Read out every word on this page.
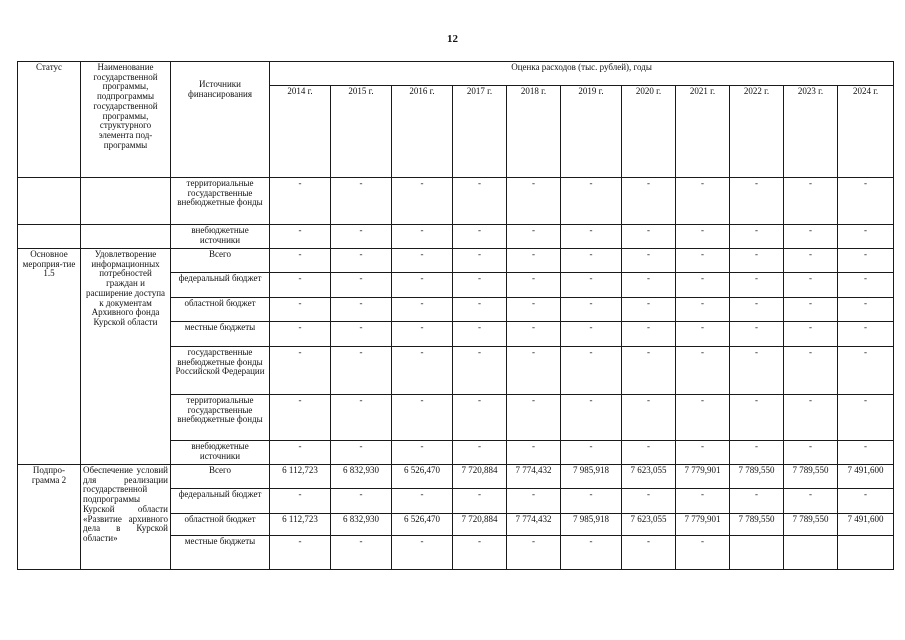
12
Статус	Наименование государственной программы, подпрограммы государственной программы, структурного элемента под-программы	Источники финансирования	Оценка расходов (тыс. рублей), годы										
			2014 г.	2015 г.	2016 г.	2017 г.	2018 г.	2019 г.	2020 г.	2021 г.	2022 г.	2023 г.	2024 г.
		территориальные государственные внебюджетные фонды	-	-	-	-	-	-	-	-	-	-	-
		внебюджетные источники	-	-	-	-	-	-	-	-	-	-	-
Основное мероприя-тие 1.5	Удовлетворение информационных потребностей граждан и расширение доступа к документам Архивного фонда Курской области	Всего	-	-	-	-	-	-	-	-	-	-	-
		федеральный бюджет	-	-	-	-	-	-	-	-	-	-	-
		областной бюджет	-	-	-	-	-	-	-	-	-	-	-
		местные бюджеты	-	-	-	-	-	-	-	-	-	-	-
		государственные внебюджетные фонды Российской Федерации	-	-	-	-	-	-	-	-	-	-	-
		территориальные государственные внебюджетные фонды	-	-	-	-	-	-	-	-	-	-	-
		внебюджетные источники	-	-	-	-	-	-	-	-	-	-	-
Подпро-грамма 2	Обеспечение условий для реализации государственной подпрограммы Курской области «Развитие архивного дела в Курской области»	Всего	6 112,723	6 832,930	6 526,470	7 720,884	7 774,432	7 985,918	7 623,055	7 779,901	7 789,550	7 789,550	7 491,600
		федеральный бюджет	-	-	-	-	-	-	-	-	-	-	-
		областной бюджет	6 112,723	6 832,930	6 526,470	7 720,884	7 774,432	7 985,918	7 623,055	7 779,901	7 789,550	7 789,550	7 491,600
		местные бюджеты	-	-	-	-	-	-	-	-			
